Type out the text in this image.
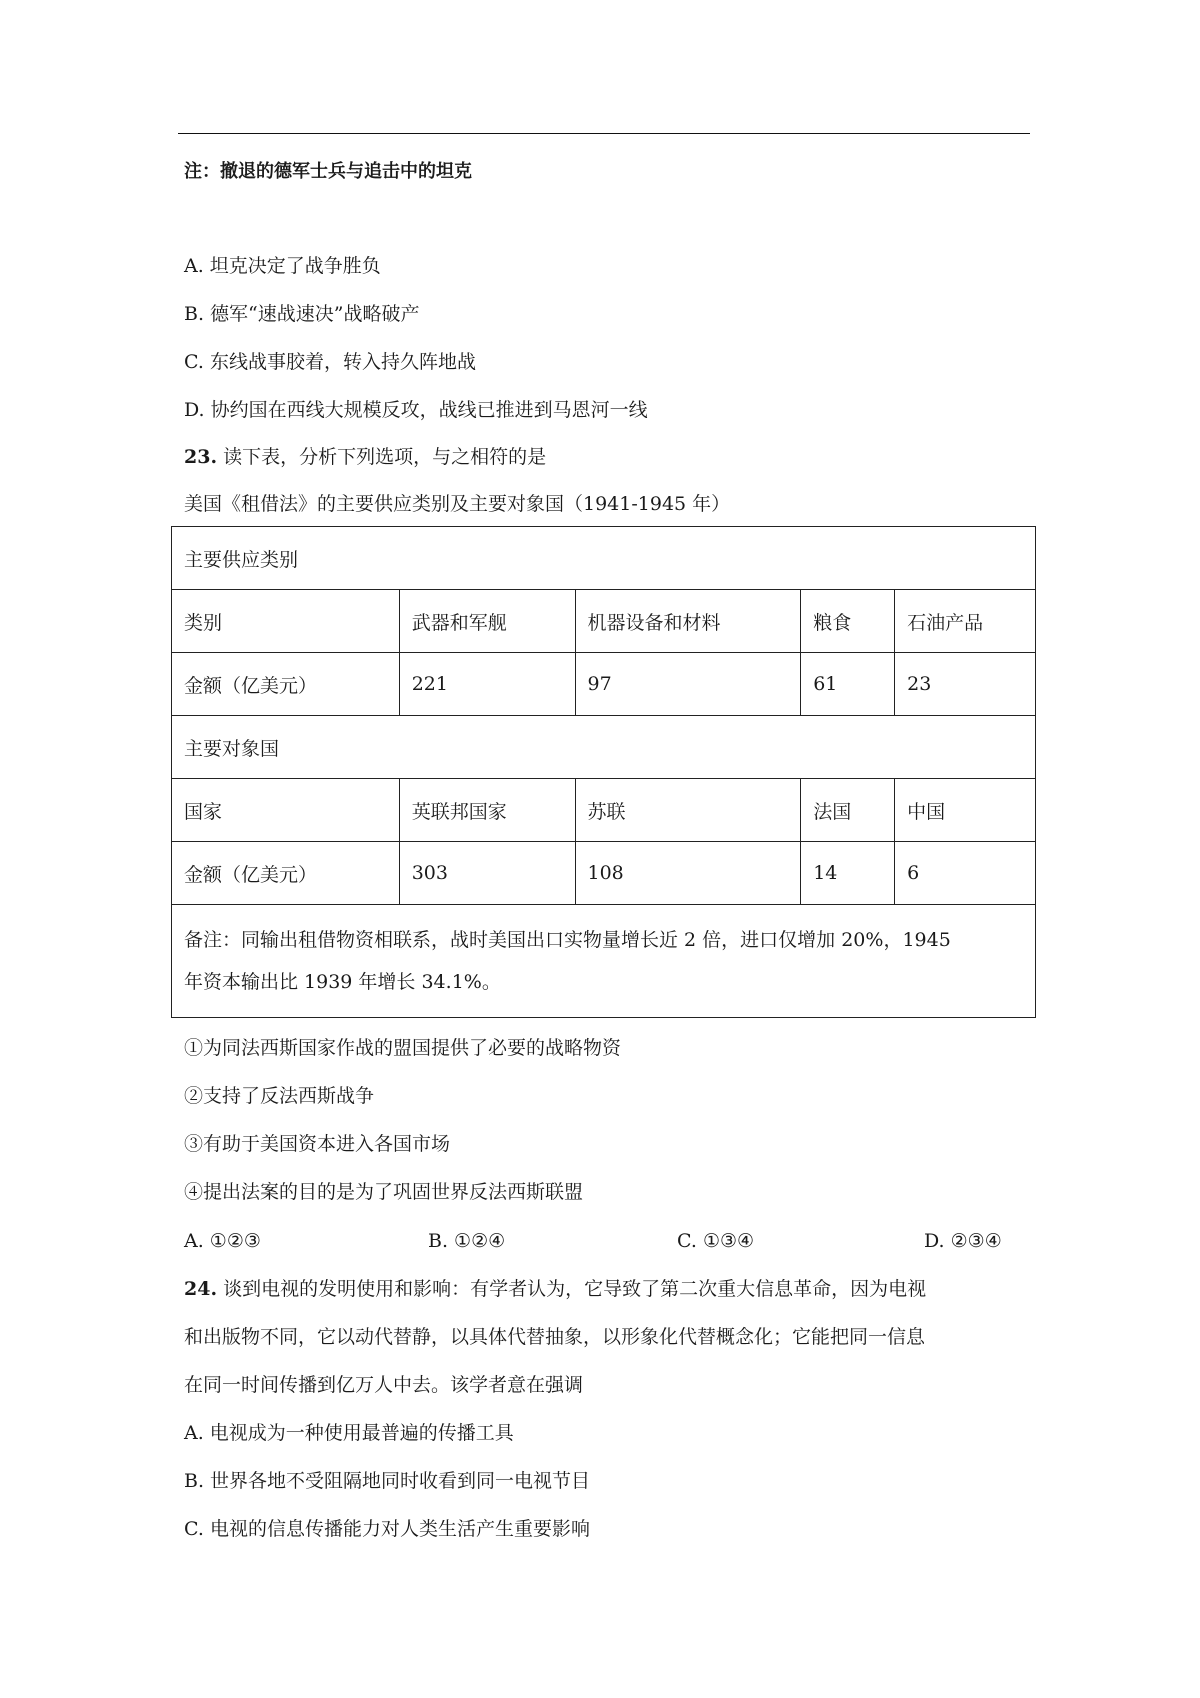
注：撤退的德军士兵与追击中的坦克
A. 坦克决定了战争胜负
B. 德军“速战速决”战略破产
C. 东线战事胶着，转入持久阵地战
D. 协约国在西线大规模反攻，战线已推进到马恩河一线
23. 读下表，分析下列选项，与之相符的是
美国《租借法》的主要供应类别及主要对象国（1941-1945 年）
主要供应类别				
类别	武器和军舰	机器设备和材料	粮食	石油产品
金额（亿美元）	221	97	61	23
主要对象国				
国家	英联邦国家	苏联	法国	中国
金额（亿美元）	303	108	14	6

备注：同输出租借物资相联系，战时美国出口实物量增长近 2 倍，进口仅增加 20%，1945
年资本输出比 1939 年增长 34.1%。				
①为同法西斯国家作战的盟国提供了必要的战略物资
②支持了反法西斯战争
③有助于美国资本进入各国市场
④提出法案的目的是为了巩固世界反法西斯联盟
A. ①②③	B. ①②④	C. ①③④	D. ②③④
24. 谈到电视的发明使用和影响：有学者认为，它导致了第二次重大信息革命，因为电视
和出版物不同，它以动代替静，以具体代替抽象，以形象化代替概念化；它能把同一信息
在同一时间传播到亿万人中去。该学者意在强调
A. 电视成为一种使用最普遍的传播工具
B. 世界各地不受阻隔地同时收看到同一电视节目
C. 电视的信息传播能力对人类生活产生重要影响
